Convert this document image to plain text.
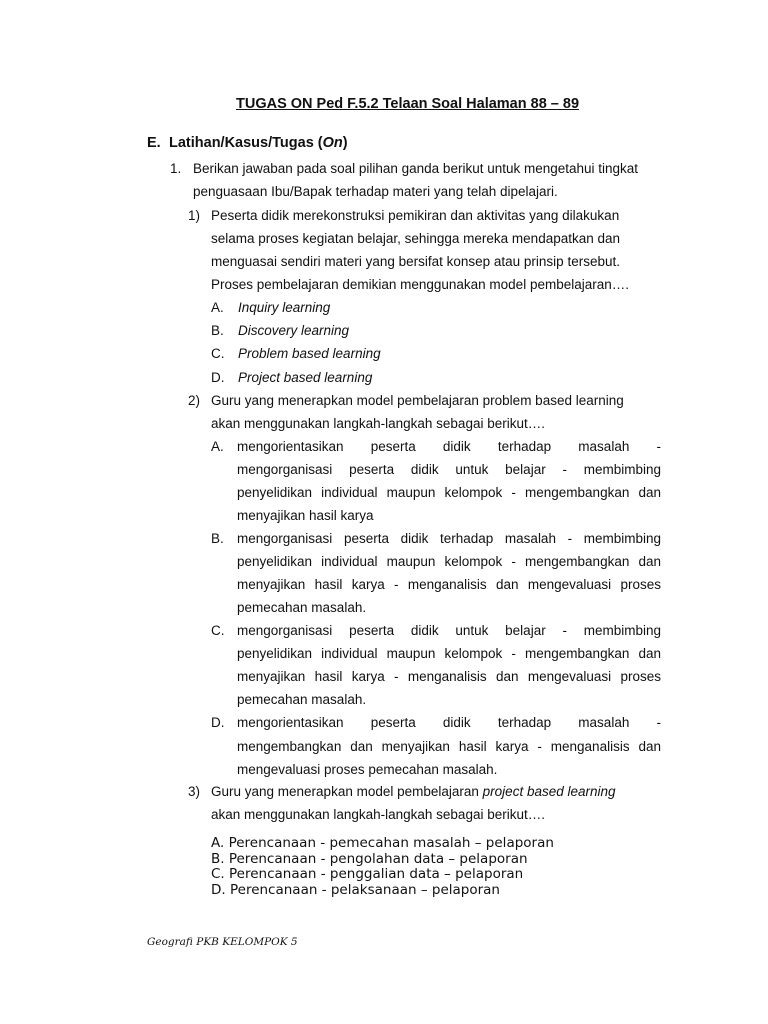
TUGAS ON Ped F.5.2 Telaan Soal Halaman 88 – 89
E. Latihan/Kasus/Tugas (On)
1. Berikan jawaban pada soal pilihan ganda berikut untuk mengetahui tingkat
penguasaan Ibu/Bapak terhadap materi yang telah dipelajari.
1) Peserta didik merekonstruksi pemikiran dan aktivitas yang dilakukan
selama proses kegiatan belajar, sehingga mereka mendapatkan dan
menguasai sendiri materi yang bersifat konsep atau prinsip tersebut.
Proses pembelajaran demikian menggunakan model pembelajaran….
A. Inquiry learning
B. Discovery learning
C. Problem based learning
D. Project based learning
2) Guru yang menerapkan model pembelajaran problem based learning
akan menggunakan langkah-langkah sebagai berikut….
A. mengorientasikan peserta didik terhadap masalah -
mengorganisasi peserta didik untuk belajar - membimbing
penyelidikan individual maupun kelompok - mengembangkan dan
menyajikan hasil karya
B. mengorganisasi peserta didik terhadap masalah - membimbing
penyelidikan individual maupun kelompok - mengembangkan dan
menyajikan hasil karya - menganalisis dan mengevaluasi proses
pemecahan masalah.
C. mengorganisasi peserta didik untuk belajar - membimbing
penyelidikan individual maupun kelompok - mengembangkan dan
menyajikan hasil karya - menganalisis dan mengevaluasi proses
pemecahan masalah.
D. mengorientasikan peserta didik terhadap masalah -
mengembangkan dan menyajikan hasil karya - menganalisis dan
mengevaluasi proses pemecahan masalah.
3) Guru yang menerapkan model pembelajaran project based learning
akan menggunakan langkah-langkah sebagai berikut….
A. Perencanaan - pemecahan masalah – pelaporan
B. Perencanaan - pengolahan data – pelaporan
C. Perencanaan - penggalian data – pelaporan
D. Perencanaan - pelaksanaan – pelaporan
Geografi PKB KELOMPOK 5
